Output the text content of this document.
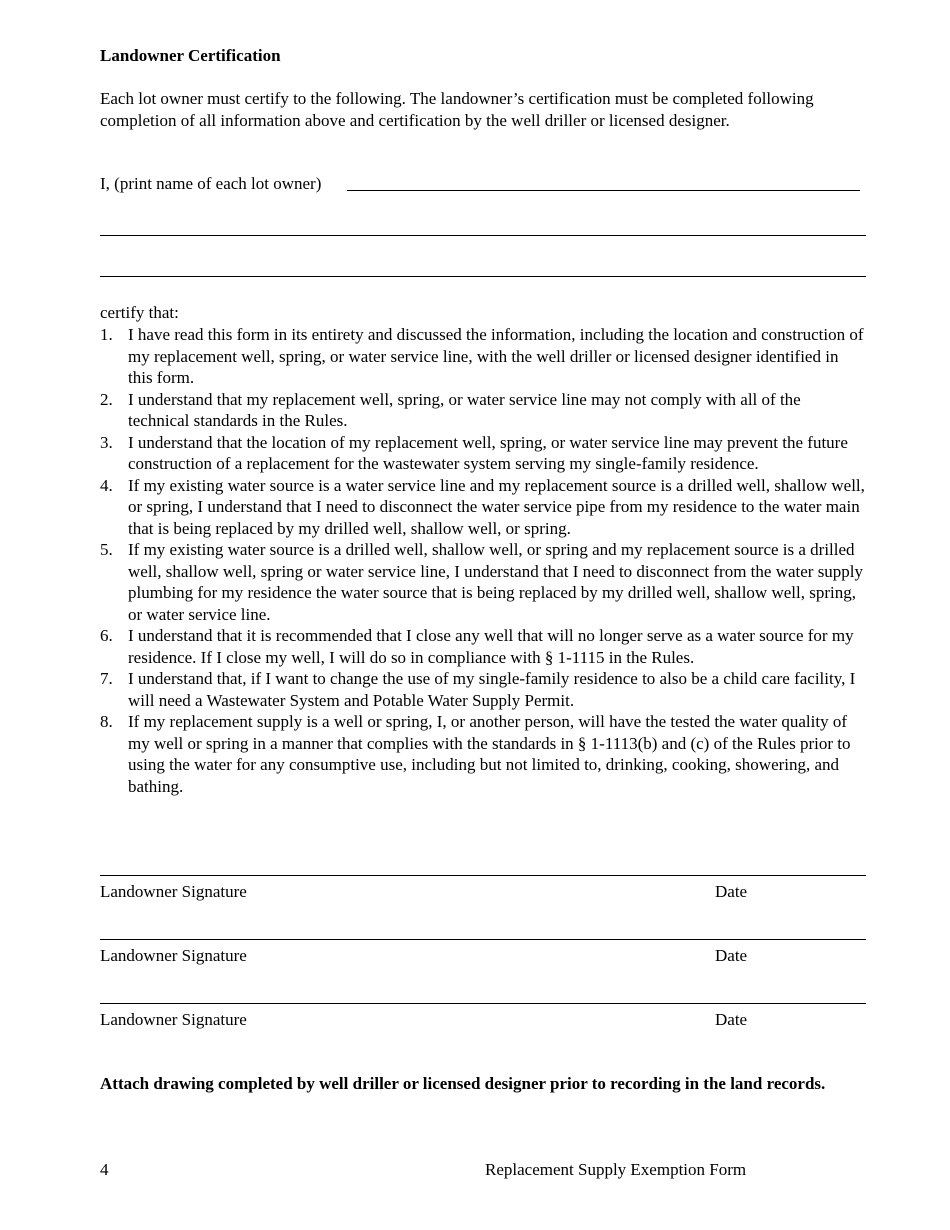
Landowner Certification
Each lot owner must certify to the following. The landowner’s certification must be completed following completion of all information above and certification by the well driller or licensed designer.
I, (print name of each lot owner)
certify that:
1. I have read this form in its entirety and discussed the information, including the location and construction of my replacement well, spring, or water service line, with the well driller or licensed designer identified in this form.
2. I understand that my replacement well, spring, or water service line may not comply with all of the technical standards in the Rules.
3. I understand that the location of my replacement well, spring, or water service line may prevent the future construction of a replacement for the wastewater system serving my single-family residence.
4. If my existing water source is a water service line and my replacement source is a drilled well, shallow well, or spring, I understand that I need to disconnect the water service pipe from my residence to the water main that is being replaced by my drilled well, shallow well, or spring.
5. If my existing water source is a drilled well, shallow well, or spring and my replacement source is a drilled well, shallow well, spring or water service line, I understand that I need to disconnect from the water supply plumbing for my residence the water source that is being replaced by my drilled well, shallow well, spring, or water service line.
6. I understand that it is recommended that I close any well that will no longer serve as a water source for my residence. If I close my well, I will do so in compliance with § 1-1115 in the Rules.
7. I understand that, if I want to change the use of my single-family residence to also be a child care facility, I will need a Wastewater System and Potable Water Supply Permit.
8. If my replacement supply is a well or spring, I, or another person, will have the tested the water quality of my well or spring in a manner that complies with the standards in § 1-1113(b) and (c) of the Rules prior to using the water for any consumptive use, including but not limited to, drinking, cooking, showering, and bathing.
Landowner Signature	Date
Landowner Signature	Date
Landowner Signature	Date
Attach drawing completed by well driller or licensed designer prior to recording in the land records.
4	Replacement Supply Exemption Form
